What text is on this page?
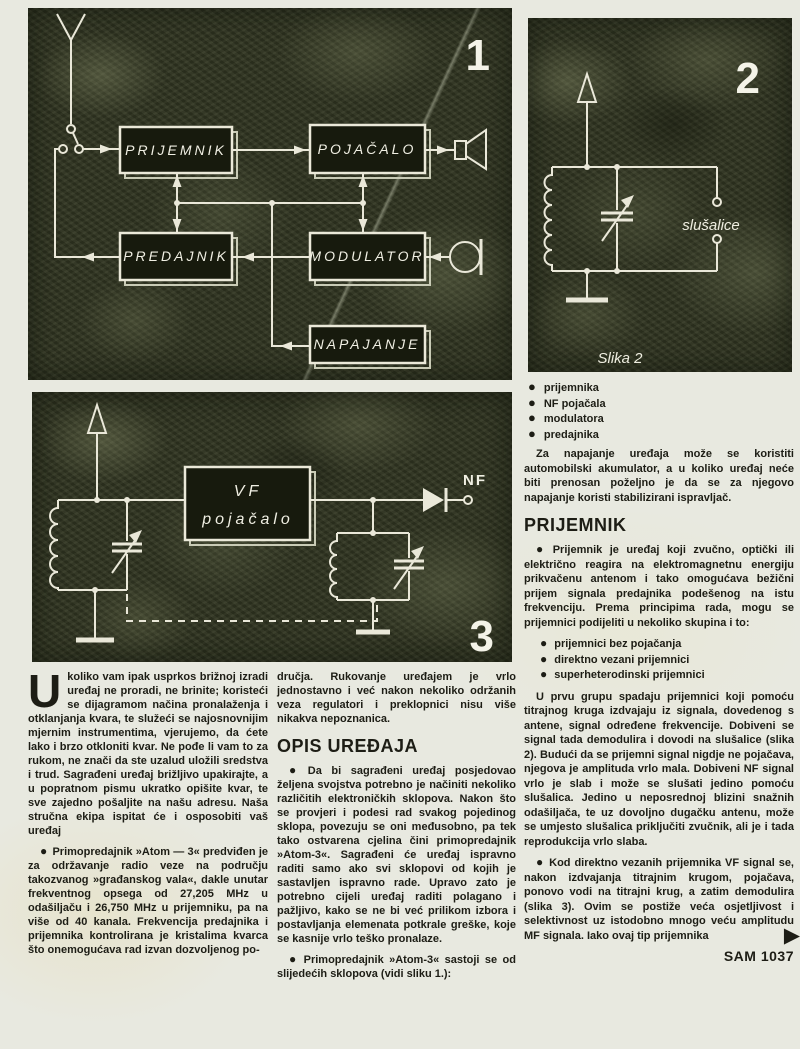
PRIJEMNIK	POJAČALO
PREDAJNIK	MODULATOR
NAPAJANJE
1
slušalice
2
Slika 2
VF
pojačalo
NF
3

Ukoliko vam ipak usprkos brižnoj izradi uređaj ne proradi, ne brinite; koristeći se dijagramom načina pronalaženja i otklanjanja kvara, te služeći se najosnovnijim mjernim instrumentima, vjerujemo, da ćete lako i brzo otkloniti kvar. Ne pođe li vam to za rukom, ne znači da ste uzalud uložili sredstva i trud. Sagrađeni uređaj brižljivo upakirajte, a u popratnom pismu ukratko opišite kvar, te sve zajedno pošaljite na našu adresu. Naša stručna ekipa ispitat će i osposobiti vaš uređaj

● Primopredajnik »Atom — 3« predviđen je za održavanje radio veze na području takozvanog »građanskog vala«, dakle unutar frekventnog opsega od 27,205 MHz u odašiljaču i 26,750 MHz u prijemniku, pa na više od 40 kanala. Frekvencija predajnika i prijemnika kontrolirana je kristalima kvarca što onemogućava rad izvan dozvoljenog po-

dručja. Rukovanje uređajem je vrlo jednostavno i već nakon nekoliko održanih veza regulatori i preklopnici nisu više nikakva nepoznanica.

OPIS UREĐAJA

● Da bi sagrađeni uređaj posjedovao željena svojstva potrebno je načiniti nekoliko različitih elektroničkih sklopova. Nakon što se provjeri i podesi rad svakog pojedinog sklopa, povezuju se oni međusobno, pa tek tako ostvarena cjelina čini primopredajnik »Atom-3«. Sagrađeni će uređaj ispravno raditi samo ako svi sklopovi od kojih je sastavljen ispravno rade. Upravo zato je potrebno cijeli uređaj raditi polagano i pažljivo, kako se ne bi već prilikom izbora i postavljanja elemenata potkrale greške, koje se kasnije vrlo teško pronalaze.

● Primopredajnik »Atom-3« sastoji se od slijedećih sklopova (vidi sliku 1.):

● prijemnika
● NF pojačala
● modulatora
● predajnika

Za napajanje uređaja može se koristiti automobilski akumulator, a u koliko uređaj neće biti prenosan poželjno je da se za njegovo napajanje koristi stabilizirani ispravljač.

PRIJEMNIK

● Prijemnik je uređaj koji zvučno, optički ili električno reagira na elektromagnetnu energiju prikvačenu antenom i tako omogućava bežični prijem signala predajnika podešenog na istu frekvenciju. Prema principima rada, mogu se prijemnici podijeliti u nekoliko skupina i to:

● prijemnici bez pojačanja
● direktno vezani prijemnici
● superheterodinski prijemnici

U prvu grupu spadaju prijemnici koji pomoću titrajnog kruga izdvajaju iz signala, dovedenog s antene, signal određene frekvencije. Dobiveni se signal tada demodulira i dovodi na slušalice (slika 2). Budući da se prijemni signal nigdje ne pojačava, njegova je amplituda vrlo mala. Dobiveni NF signal vrlo je slab i može se slušati jedino pomoću slušalica. Jedino u neposrednoj blizini snažnih odašiljača, te uz dovoljno dugačku antenu, može se umjesto slušalica priključiti zvučnik, ali je i tada reprodukcija vrlo slaba.

● Kod direktno vezanih prijemnika VF signal se, nakon izdvajanja titrajnim krugom, pojačava, ponovo vodi na titrajni krug, a zatim demodulira (slika 3). Ovim se postiže veća osjetljivost i selektivnost uz istodobno mnogo veću amplitudu MF signala. Iako ovaj tip prijemnika	▶

SAM 1037
